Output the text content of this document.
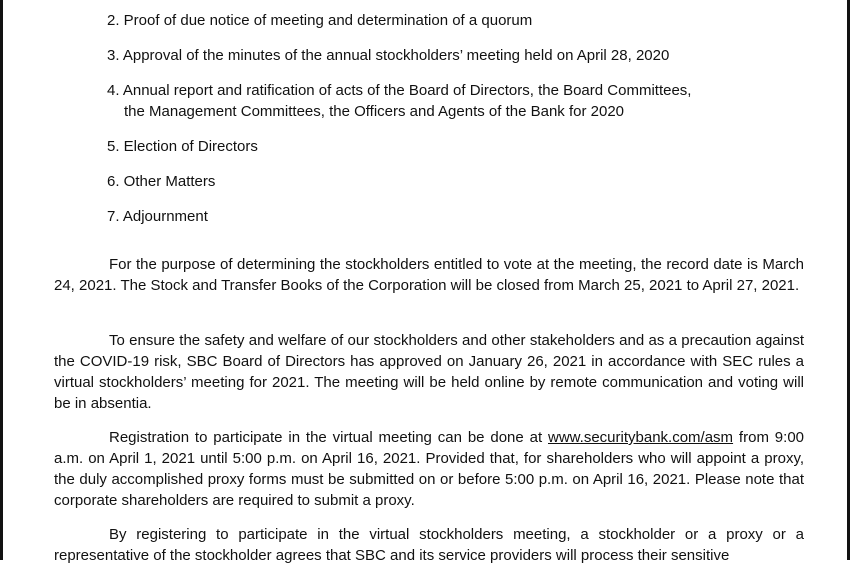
2. Proof of due notice of meeting and determination of a quorum
3. Approval of the minutes of the annual stockholders’ meeting held on April 28, 2020
4. Annual report and ratification of acts of the Board of Directors, the Board Committees,
the Management Committees, the Officers and Agents of the Bank for 2020
5. Election of Directors
6. Other Matters
7. Adjournment
For the purpose of determining the stockholders entitled to vote at the meeting, the record date is March 24, 2021. The Stock and Transfer Books of the Corporation will be closed from March 25, 2021 to April 27, 2021.
To ensure the safety and welfare of our stockholders and other stakeholders and as a precaution against the COVID-19 risk, SBC Board of Directors has approved on January 26, 2021 in accordance with SEC rules a virtual stockholders’ meeting for 2021. The meeting will be held online by remote communication and voting will be in absentia.
Registration to participate in the virtual meeting can be done at www.securitybank.com/asm from 9:00 a.m. on April 1, 2021 until 5:00 p.m. on April 16, 2021. Provided that, for shareholders who will appoint a proxy, the duly accomplished proxy forms must be submitted on or before 5:00 p.m. on April 16, 2021. Please note that corporate shareholders are required to submit a proxy.
By registering to participate in the virtual stockholders meeting, a stockholder or a proxy or a representative of the stockholder agrees that SBC and its service providers will process their sensitive
